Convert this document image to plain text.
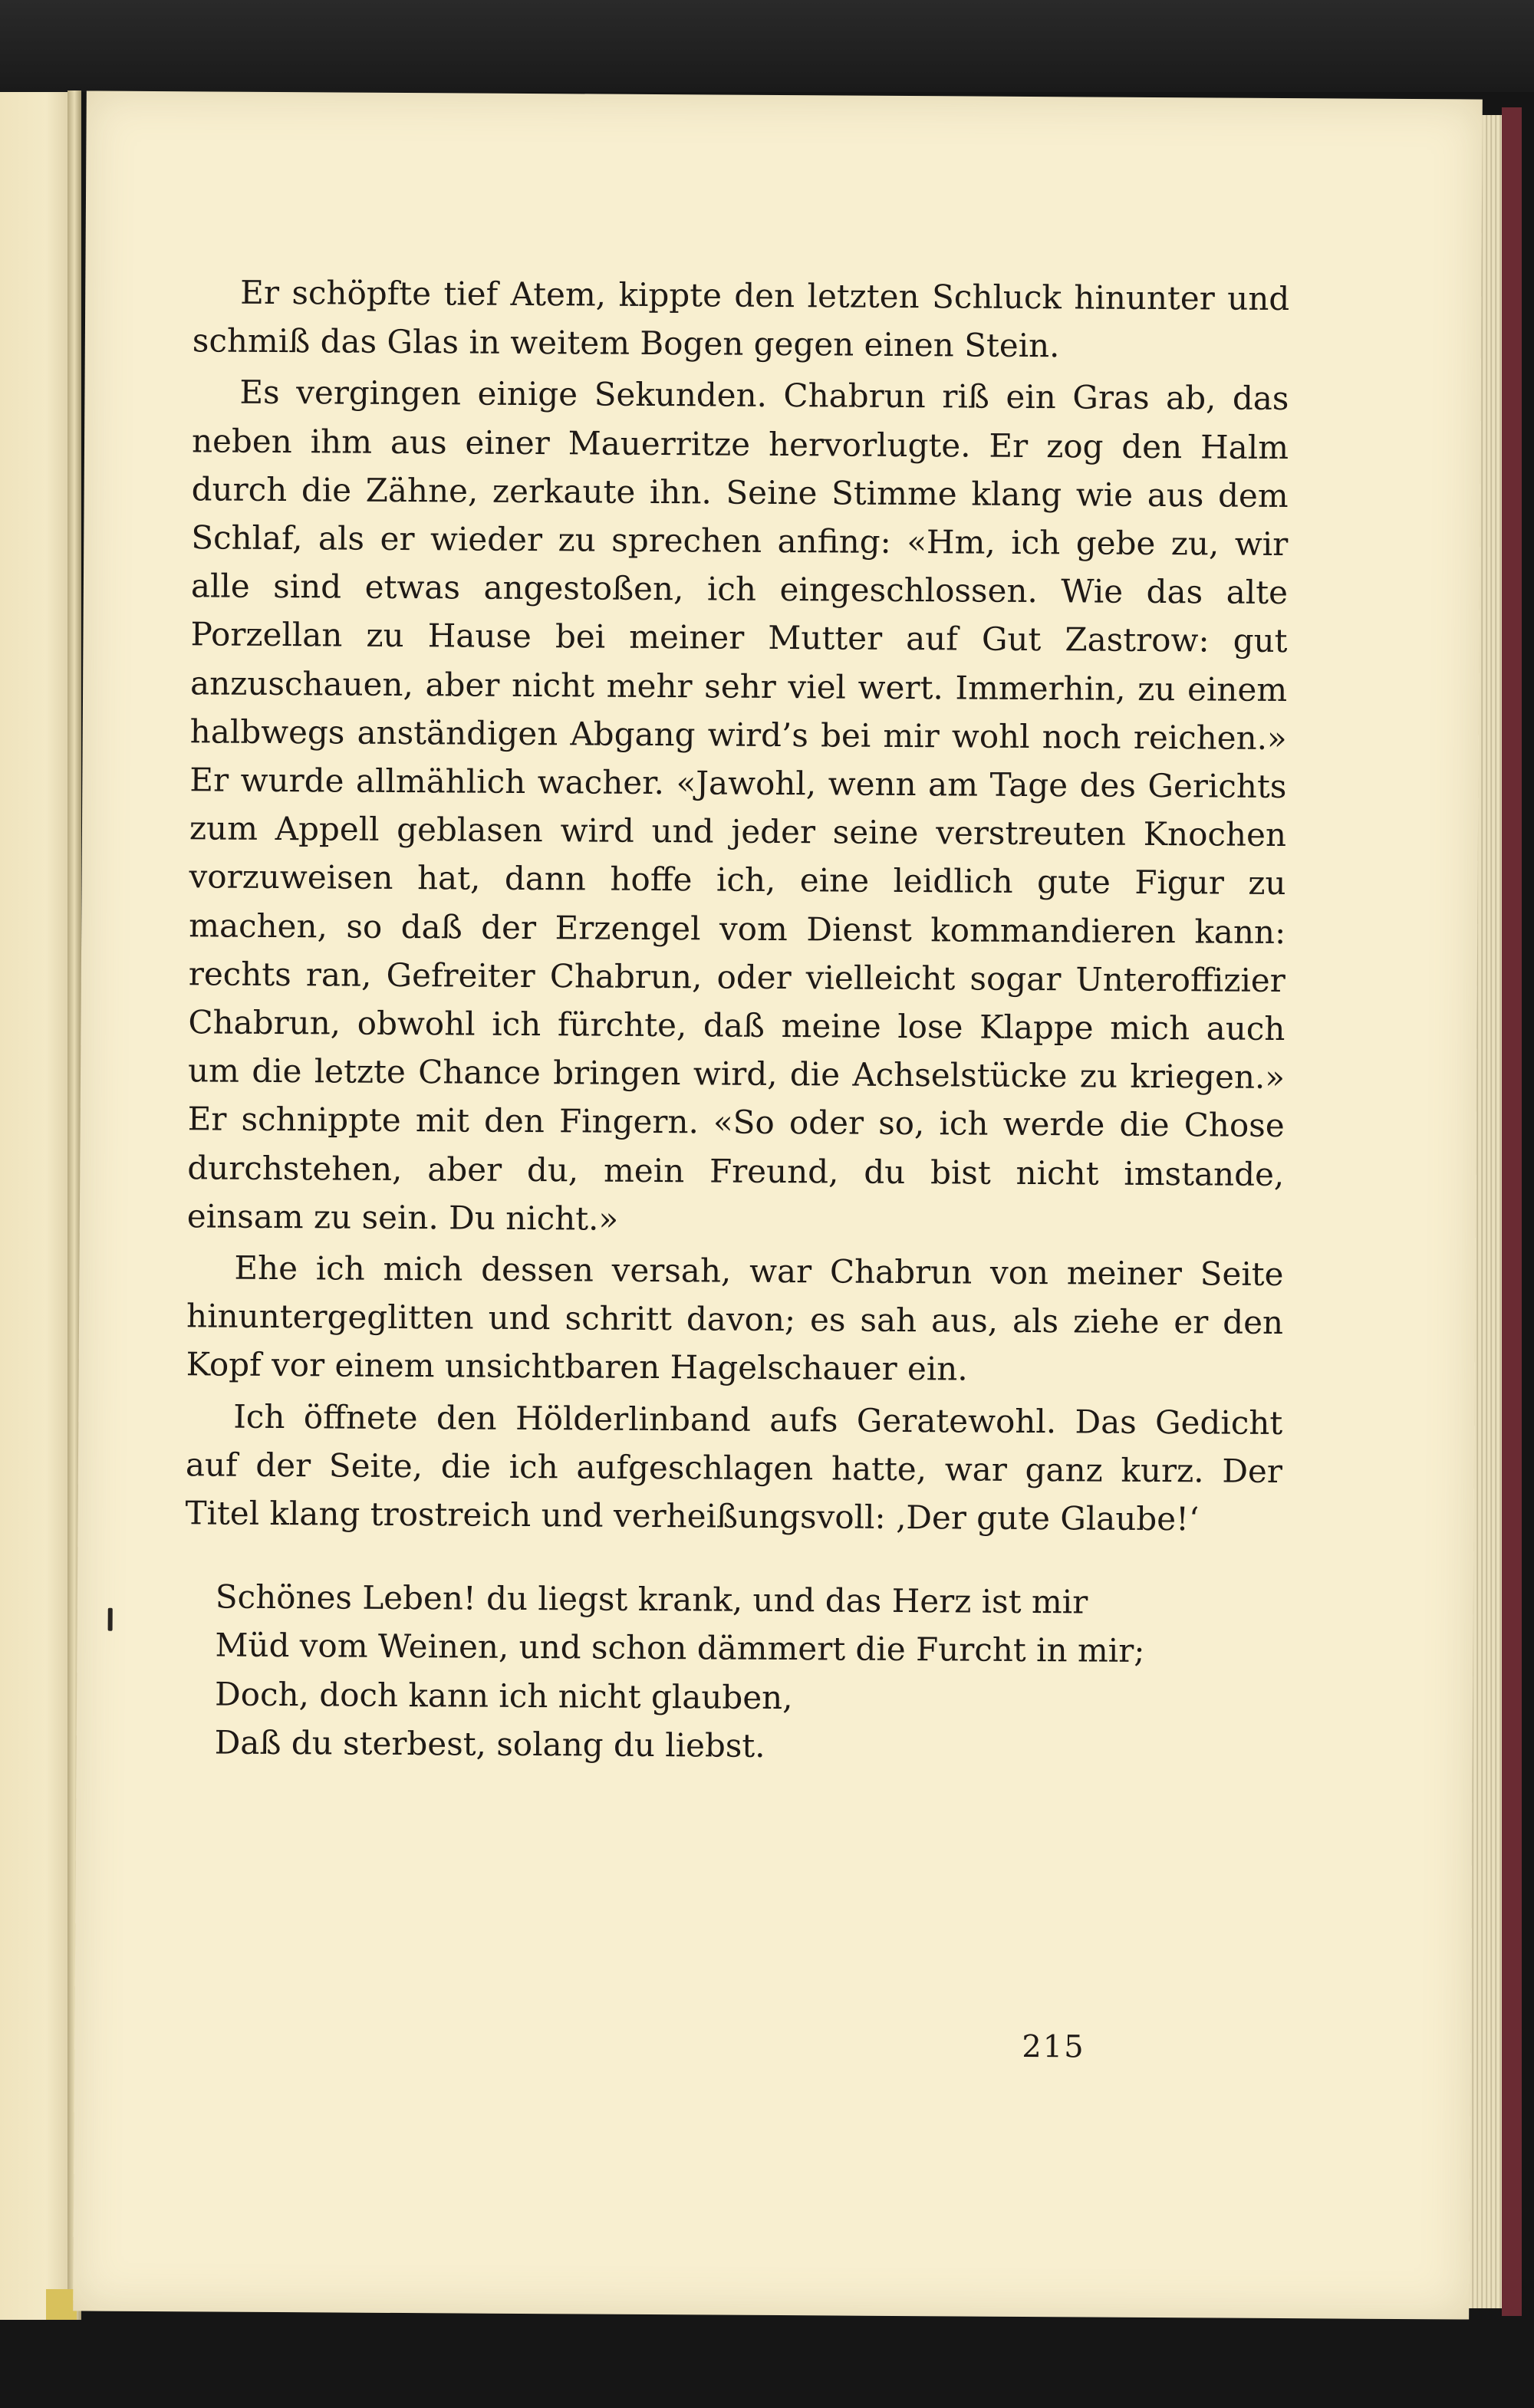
Er schöpfte tief Atem, kippte den letzten Schluck hinunter und schmiß das Glas in weitem Bogen gegen einen Stein.

Es vergingen einige Sekunden. Chabrun riß ein Gras ab, das neben ihm aus einer Mauerritze hervorlugte. Er zog den Halm durch die Zähne, zerkaute ihn. Seine Stimme klang wie aus dem Schlaf, als er wieder zu sprechen anfing: «Hm, ich gebe zu, wir alle sind etwas angestoßen, ich eingeschlossen. Wie das alte Porzellan zu Hause bei meiner Mutter auf Gut Zastrow: gut anzuschauen, aber nicht mehr sehr viel wert. Immerhin, zu einem halbwegs anständigen Abgang wird’s bei mir wohl noch reichen.» Er wurde allmählich wacher. «Jawohl, wenn am Tage des Gerichts zum Appell geblasen wird und jeder seine verstreuten Knochen vorzuweisen hat, dann hoffe ich, eine leidlich gute Figur zu machen, so daß der Erzengel vom Dienst kommandieren kann: rechts ran, Gefreiter Chabrun, oder vielleicht sogar Unteroffizier Chabrun, obwohl ich fürchte, daß meine lose Klappe mich auch um die letzte Chance bringen wird, die Achselstücke zu kriegen.» Er schnippte mit den Fingern. «So oder so, ich werde die Chose durchstehen, aber du, mein Freund, du bist nicht imstande, einsam zu sein. Du nicht.»

Ehe ich mich dessen versah, war Chabrun von meiner Seite hinuntergeglitten und schritt davon; es sah aus, als ziehe er den Kopf vor einem unsichtbaren Hagelschauer ein.

Ich öffnete den Hölderlinband aufs Geratewohl. Das Gedicht auf der Seite, die ich aufgeschlagen hatte, war ganz kurz. Der Titel klang trostreich und verheißungsvoll: ‚Der gute Glaube!‘

Schönes Leben! du liegst krank, und das Herz ist mir
Müd vom Weinen, und schon dämmert die Furcht in mir;
Doch, doch kann ich nicht glauben,
Daß du sterbest, solang du liebst.
215
